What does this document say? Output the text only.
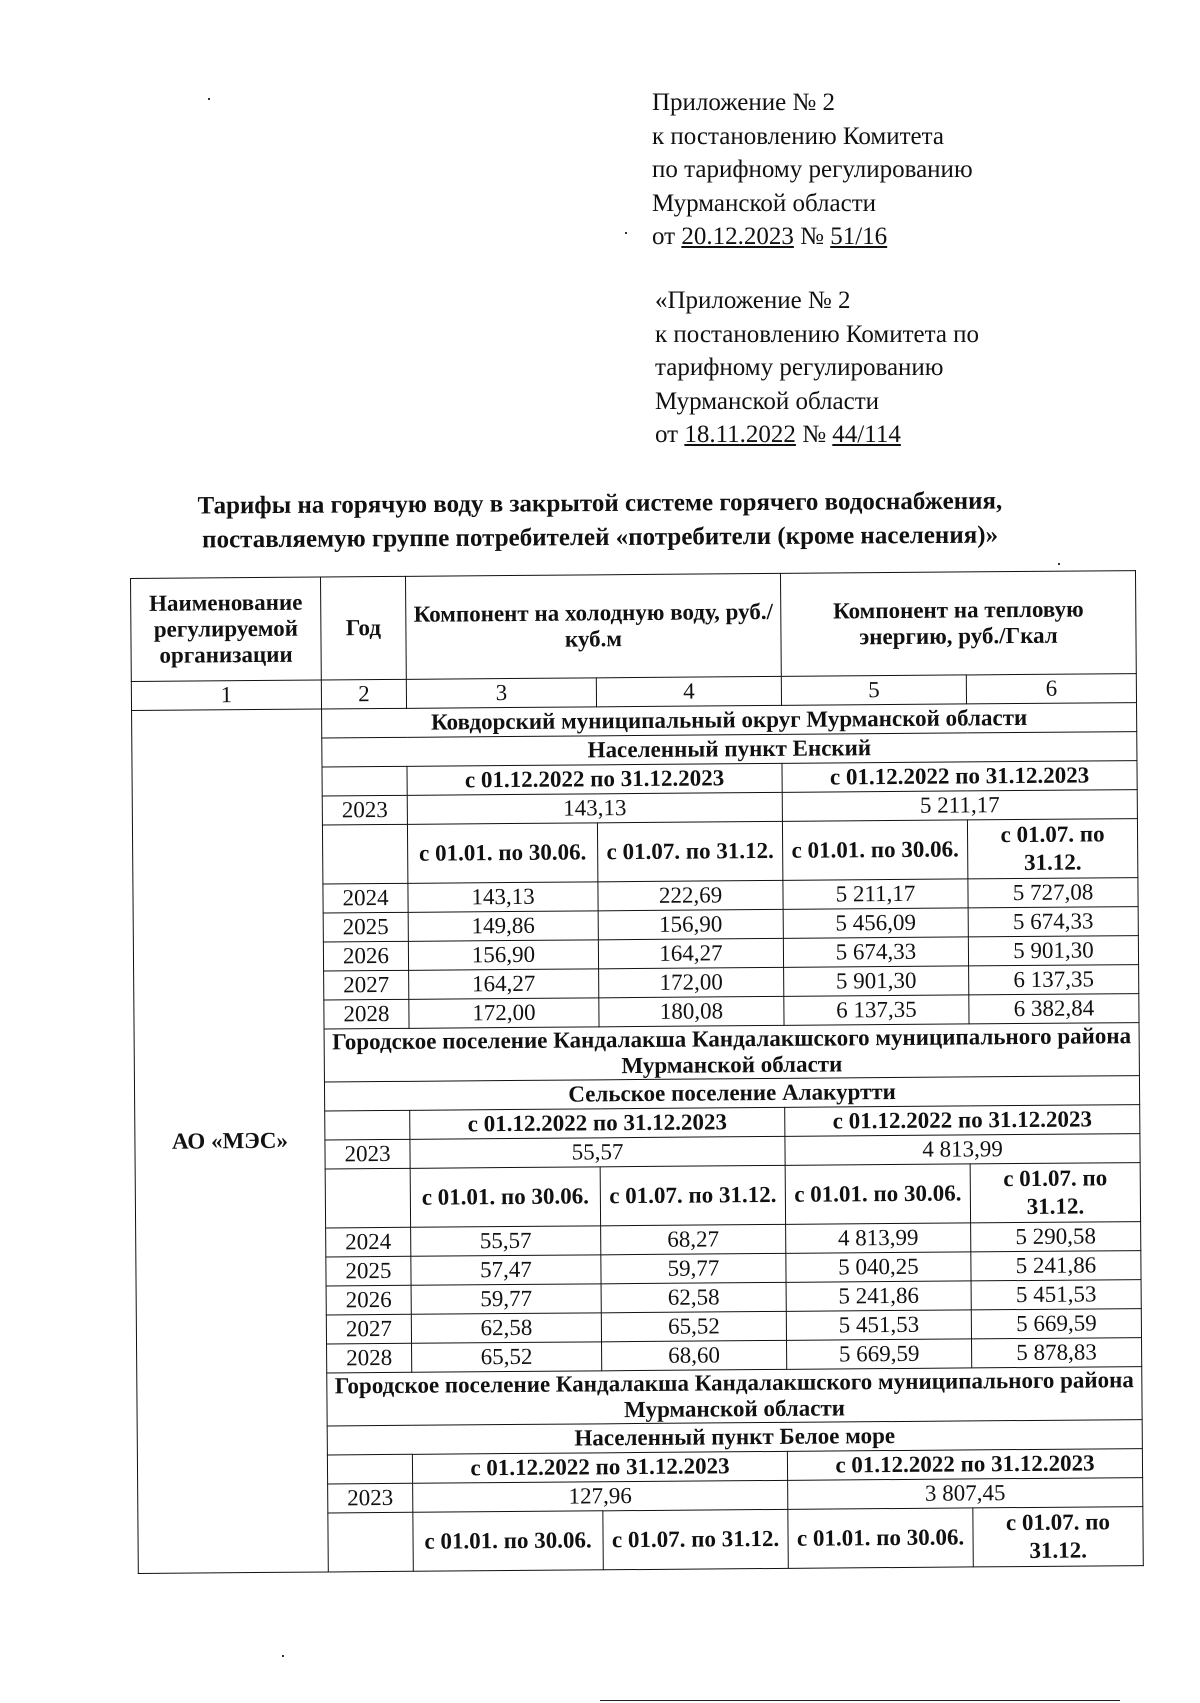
Приложение № 2
к постановлению Комитета
по тарифному регулированию
Мурманской области
от 20.12.2023 № 51/16
«Приложение № 2
к постановлению Комитета по
тарифному регулированию
Мурманской области
от 18.11.2022 № 44/114
Тарифы на горячую воду в закрытой системе горячего водоснабжения,
поставляемую группе потребителей «потребители (кроме населения)»
Наименование регулируемой организации	Год	Компонент на холодную воду, руб./куб.м		Компонент на тепловую энергию, руб./Гкал	
1	2	3	4	5	6
АО «МЭС»	Ковдорский муниципальный округ Мурманской области				
	Населенный пункт Енский				
		с 01.12.2022 по 31.12.2023		с 01.12.2022 по 31.12.2023	
	2023	143,13		5 211,17	
		с 01.01. по 30.06.	с 01.07. по 31.12.	с 01.01. по 30.06.	с 01.07. по 31.12.
	2024	143,13	222,69	5 211,17	5 727,08
	2025	149,86	156,90	5 456,09	5 674,33
	2026	156,90	164,27	5 674,33	5 901,30
	2027	164,27	172,00	5 901,30	6 137,35
	2028	172,00	180,08	6 137,35	6 382,84
	Городское поселение Кандалакша Кандалакшского муниципального района Мурманской области				
	Сельское поселение Алакуртти				
		с 01.12.2022 по 31.12.2023		с 01.12.2022 по 31.12.2023	
	2023	55,57		4 813,99	
		с 01.01. по 30.06.	с 01.07. по 31.12.	с 01.01. по 30.06.	с 01.07. по 31.12.
	2024	55,57	68,27	4 813,99	5 290,58
	2025	57,47	59,77	5 040,25	5 241,86
	2026	59,77	62,58	5 241,86	5 451,53
	2027	62,58	65,52	5 451,53	5 669,59
	2028	65,52	68,60	5 669,59	5 878,83
	Городское поселение Кандалакша Кандалакшского муниципального района Мурманской области				
	Населенный пункт Белое море				
		с 01.12.2022 по 31.12.2023		с 01.12.2022 по 31.12.2023	
	2023	127,96		3 807,45	
		с 01.01. по 30.06.	с 01.07. по 31.12.	с 01.01. по 30.06.	с 01.07. по 31.12.
